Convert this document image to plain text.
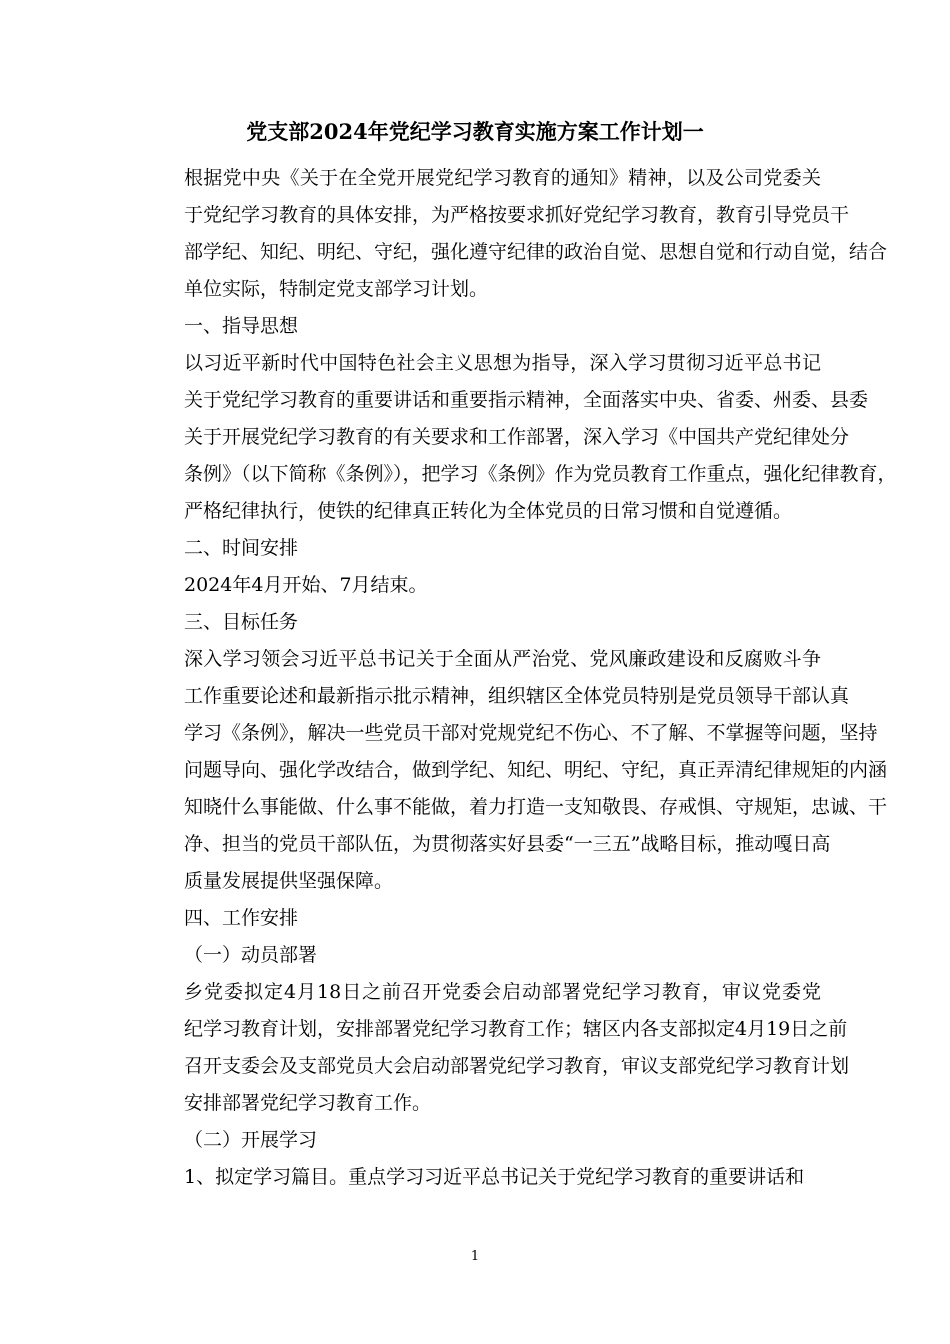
党支部2024年党纪学习教育实施方案工作计划一

根据党中央《关于在全党开展党纪学习教育的通知》精神，以及公司党委关
于党纪学习教育的具体安排，为严格按要求抓好党纪学习教育，教育引导党员干
部学纪、知纪、明纪、守纪，强化遵守纪律的政治自觉、思想自觉和行动自觉，结合
单位实际，特制定党支部学习计划。

一、指导思想

以习近平新时代中国特色社会主义思想为指导，深入学习贯彻习近平总书记
关于党纪学习教育的重要讲话和重要指示精神，全面落实中央、省委、州委、县委
关于开展党纪学习教育的有关要求和工作部署，深入学习《中国共产党纪律处分
条例》（以下简称《条例》），把学习《条例》作为党员教育工作重点，强化纪律教育，
严格纪律执行，使铁的纪律真正转化为全体党员的日常习惯和自觉遵循。

二、时间安排

2024年4月开始、7月结束。

三、目标任务

深入学习领会习近平总书记关于全面从严治党、党风廉政建设和反腐败斗争
工作重要论述和最新指示批示精神，组织辖区全体党员特别是党员领导干部认真
学习《条例》，解决一些党员干部对党规党纪不伤心、不了解、不掌握等问题，坚持
问题导向、强化学改结合，做到学纪、知纪、明纪、守纪，真正弄清纪律规矩的内涵
知晓什么事能做、什么事不能做，着力打造一支知敬畏、存戒惧、守规矩，忠诚、干
净、担当的党员干部队伍，为贯彻落实好县委“一三五”战略目标，推动嘎日高
质量发展提供坚强保障。

四、工作安排

（一）动员部署

乡党委拟定4月18日之前召开党委会启动部署党纪学习教育，审议党委党
纪学习教育计划，安排部署党纪学习教育工作；辖区内各支部拟定4月19日之前
召开支委会及支部党员大会启动部署党纪学习教育，审议支部党纪学习教育计划
安排部署党纪学习教育工作。

（二）开展学习

1、拟定学习篇目。重点学习习近平总书记关于党纪学习教育的重要讲话和

1
